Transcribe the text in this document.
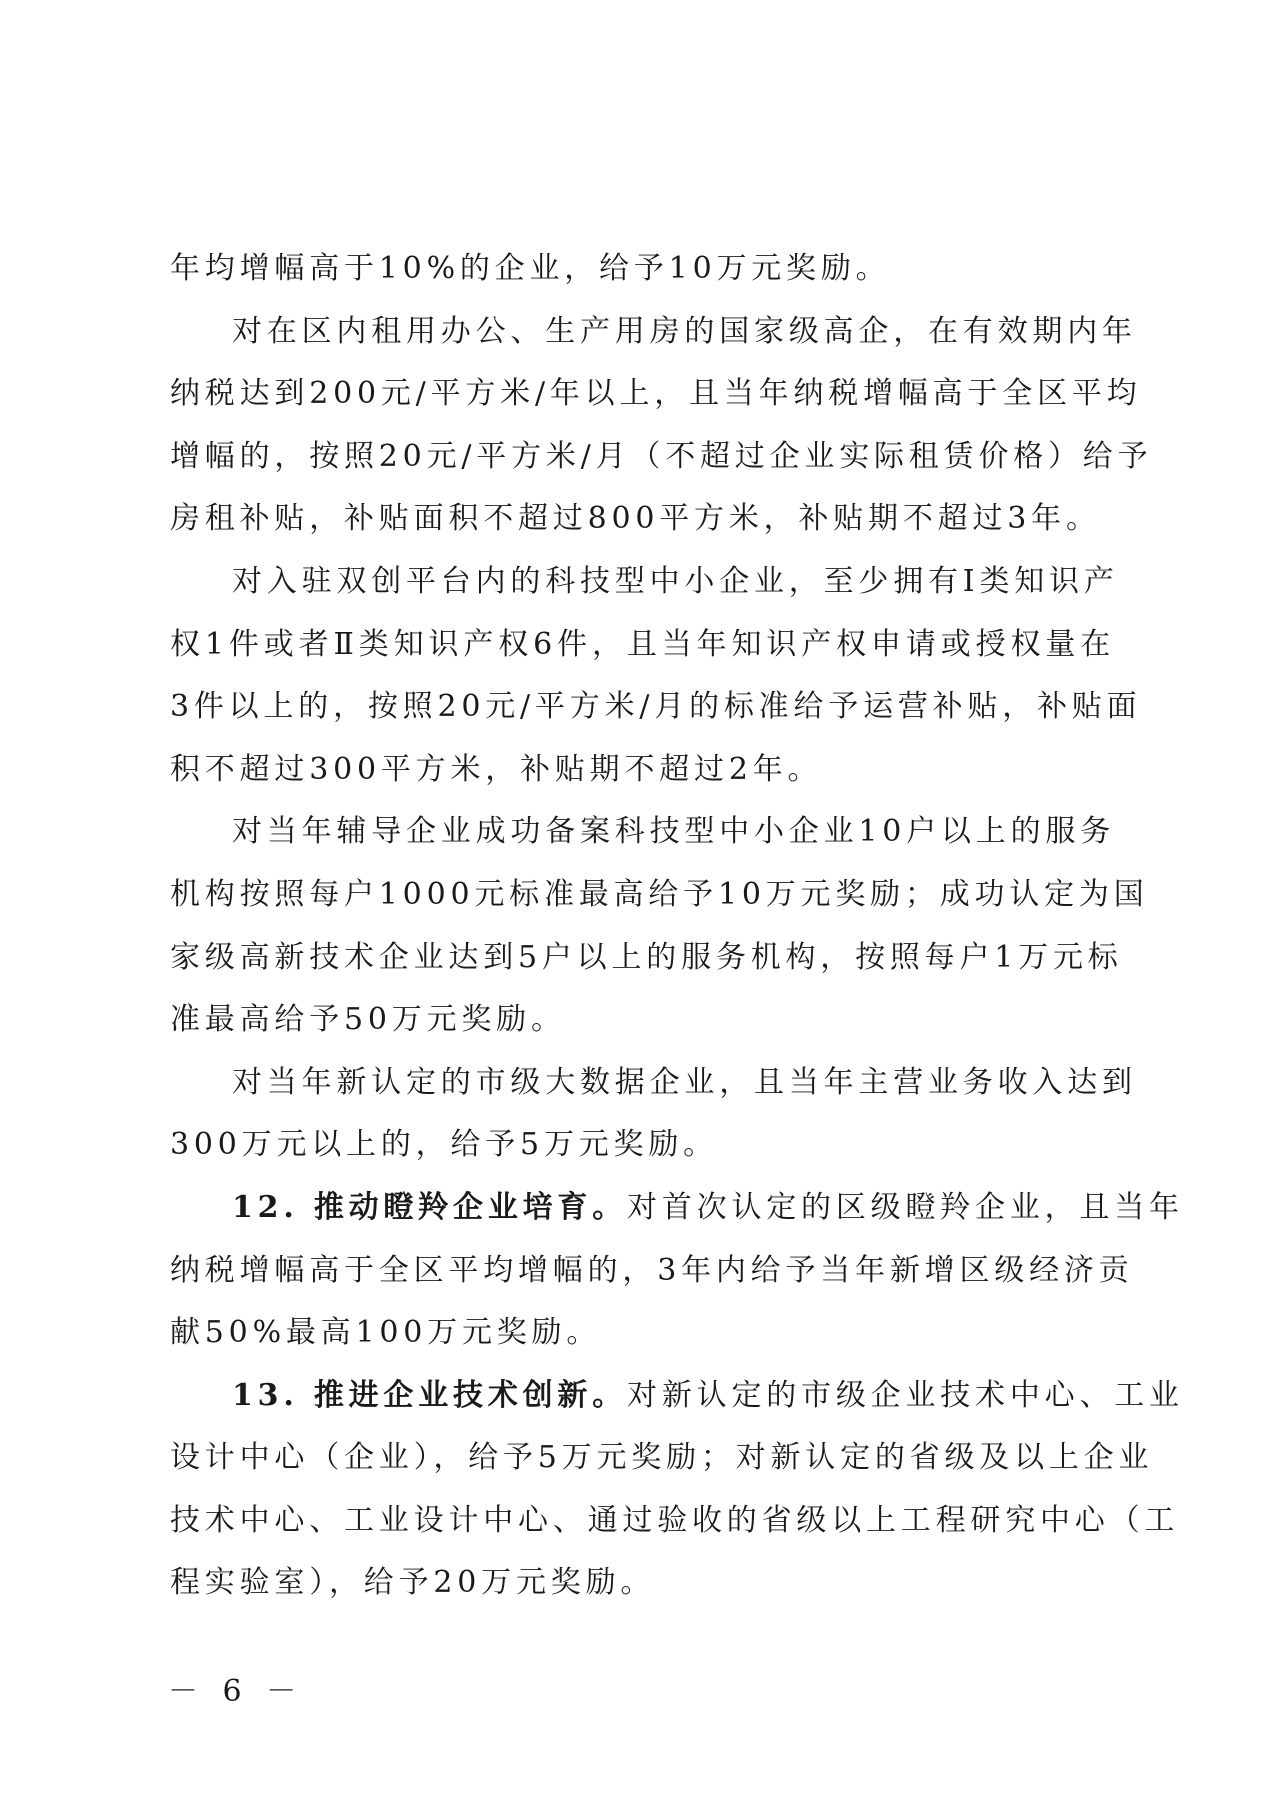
年均增幅高于10%的企业，给予10万元奖励。
对在区内租用办公、生产用房的国家级高企，在有效期内年
纳税达到200元/平方米/年以上，且当年纳税增幅高于全区平均
增幅的，按照20元/平方米/月（不超过企业实际租赁价格）给予
房租补贴，补贴面积不超过800平方米，补贴期不超过3年。
对入驻双创平台内的科技型中小企业，至少拥有Ⅰ类知识产
权1件或者Ⅱ类知识产权6件，且当年知识产权申请或授权量在
3件以上的，按照20元/平方米/月的标准给予运营补贴，补贴面
积不超过300平方米，补贴期不超过2年。
对当年辅导企业成功备案科技型中小企业10户以上的服务
机构按照每户1000元标准最高给予10万元奖励；成功认定为国
家级高新技术企业达到5户以上的服务机构，按照每户1万元标
准最高给予50万元奖励。
对当年新认定的市级大数据企业，且当年主营业务收入达到
300万元以上的，给予5万元奖励。
12. 推动瞪羚企业培育。对首次认定的区级瞪羚企业，且当年
纳税增幅高于全区平均增幅的，3年内给予当年新增区级经济贡
献50%最高100万元奖励。
13. 推进企业技术创新。对新认定的市级企业技术中心、工业
设计中心（企业），给予5万元奖励；对新认定的省级及以上企业
技术中心、工业设计中心、通过验收的省级以上工程研究中心（工
程实验室），给予20万元奖励。
－ 6 －
